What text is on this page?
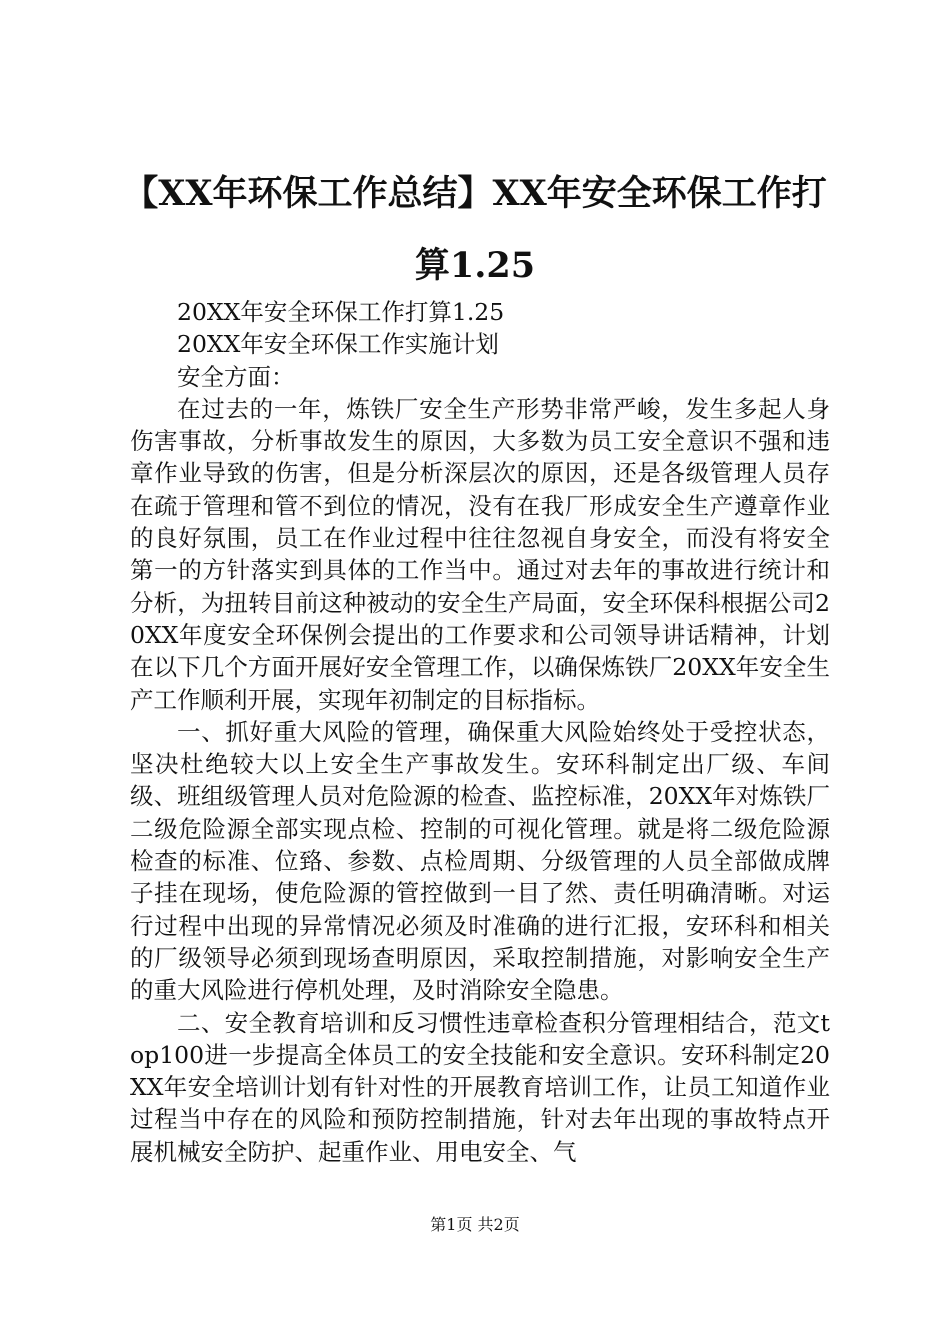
【XX年环保工作总结】XX年安全环保工作打
算1.25

20XX年安全环保工作打算1.25

20XX年安全环保工作实施计划

安全方面：

在过去的一年，炼铁厂安全生产形势非常严峻，发生多起人身伤害事故，分析事故发生的原因，大多数为员工安全意识不强和违章作业导致的伤害，但是分析深层次的原因，还是各级管理人员存在疏于管理和管不到位的情况，没有在我厂形成安全生产遵章作业的良好氛围，员工在作业过程中往往忽视自身安全，而没有将安全第一的方针落实到具体的工作当中。通过对去年的事故进行统计和分析，为扭转目前这种被动的安全生产局面，安全环保科根据公司20XX年度安全环保例会提出的工作要求和公司领导讲话精神，计划在以下几个方面开展好安全管理工作，以确保炼铁厂20XX年安全生产工作顺利开展，实现年初制定的目标指标。

一、抓好重大风险的管理，确保重大风险始终处于受控状态，坚决杜绝较大以上安全生产事故发生。安环科制定出厂级、车间级、班组级管理人员对危险源的检查、监控标准，20XX年对炼铁厂二级危险源全部实现点检、控制的可视化管理。就是将二级危险源检查的标准、位臵、参数、点检周期、分级管理的人员全部做成牌子挂在现场，使危险源的管控做到一目了然、责任明确清晰。对运行过程中出现的异常情况必须及时准确的进行汇报，安环科和相关的厂级领导必须到现场查明原因，采取控制措施，对影响安全生产的重大风险进行停机处理，及时消除安全隐患。

二、安全教育培训和反习惯性违章检查积分管理相结合，范文top100进一步提高全体员工的安全技能和安全意识。安环科制定20XX年安全培训计划有针对性的开展教育培训工作，让员工知道作业过程当中存在的风险和预防控制措施，针对去年出现的事故特点开展机械安全防护、起重作业、用电安全、气

第1页 共2页
